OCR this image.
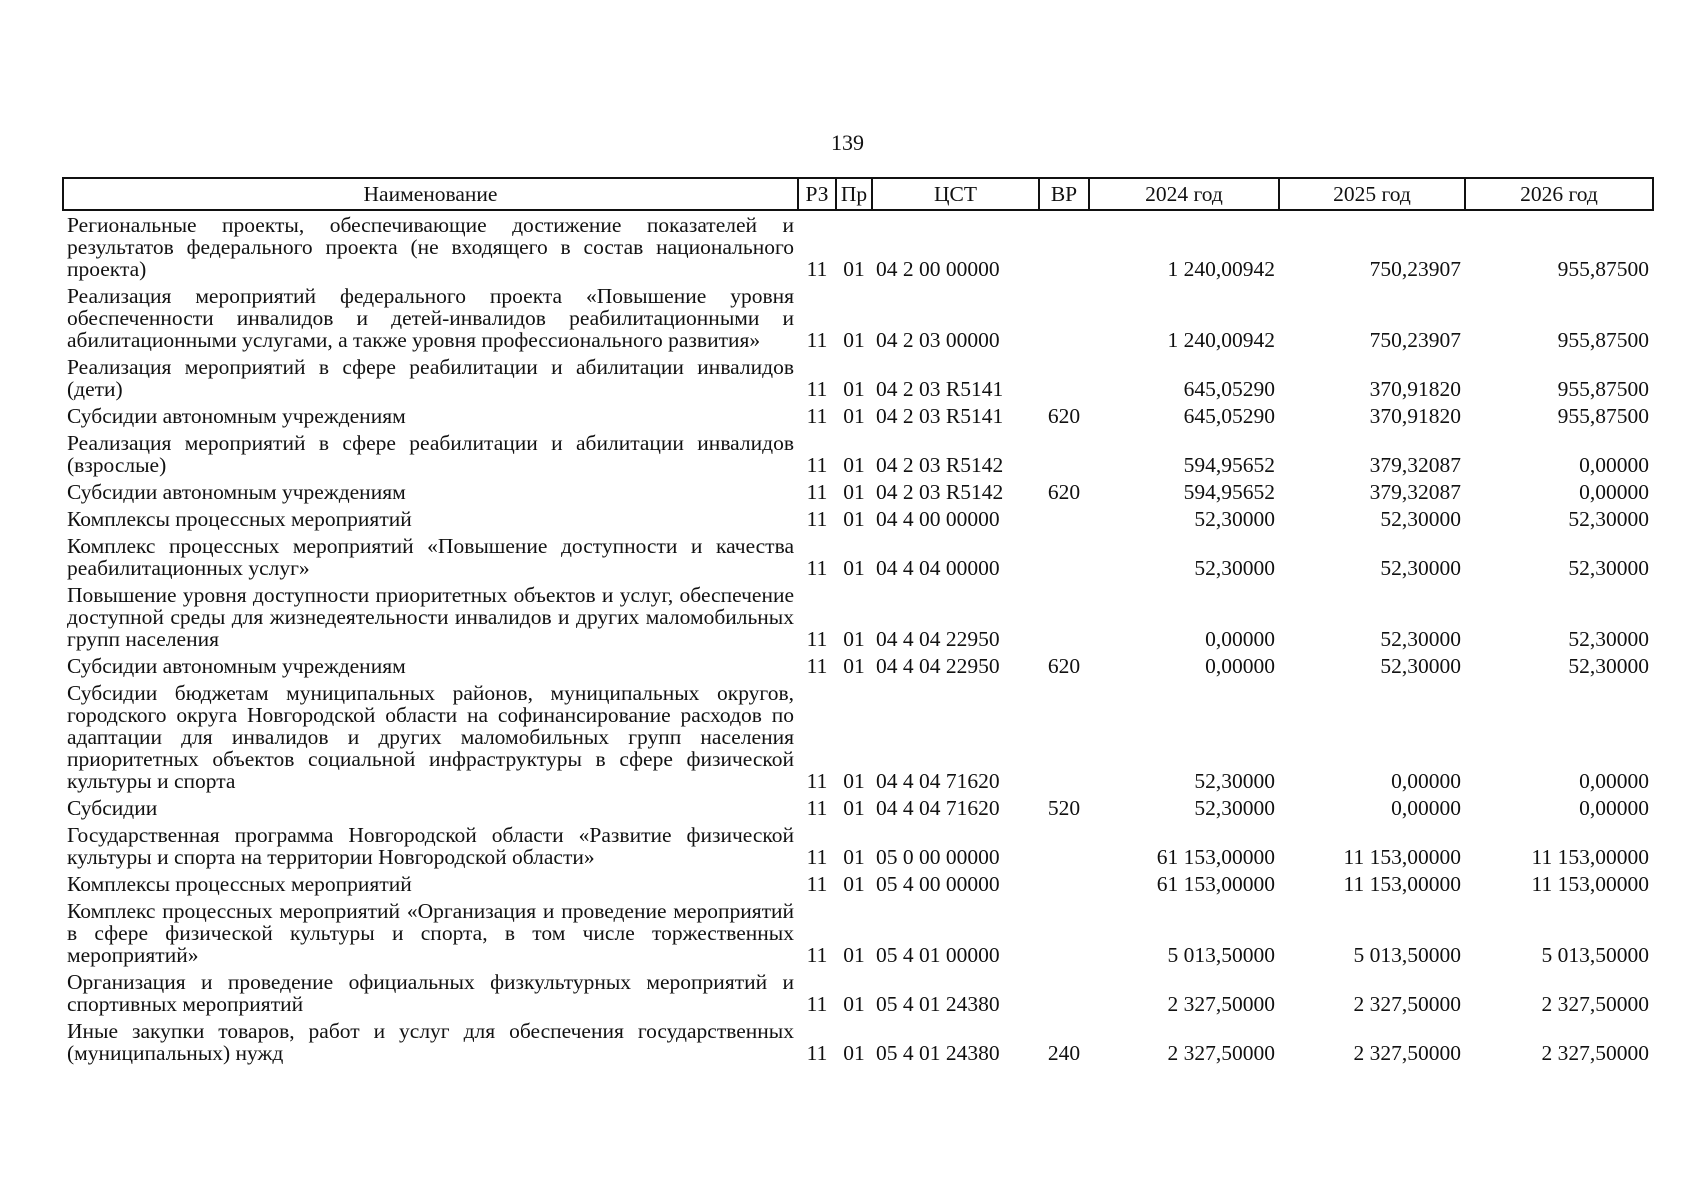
139
Наименование	РЗ	Пр	ЦСТ	ВР	2024 год	2025 год	2026 год
Региональные проекты, обеспечивающие достижение показателей и результатов федерального проекта (не входящего в состав национального проекта)	11	01	04 2 00 00000		1 240,00942	750,23907	955,87500
Реализация мероприятий федерального проекта «Повышение уровня обеспеченности инвалидов и детей-инвалидов реабилитационными и абилитационными услугами, а также уровня профессионального развития»	11	01	04 2 03 00000		1 240,00942	750,23907	955,87500
Реализация мероприятий в сфере реабилитации и абилитации инвалидов (дети)	11	01	04 2 03 R5141		645,05290	370,91820	955,87500
Субсидии автономным учреждениям	11	01	04 2 03 R5141	620	645,05290	370,91820	955,87500
Реализация мероприятий в сфере реабилитации и абилитации инвалидов (взрослые)	11	01	04 2 03 R5142		594,95652	379,32087	0,00000
Субсидии автономным учреждениям	11	01	04 2 03 R5142	620	594,95652	379,32087	0,00000
Комплексы процессных мероприятий	11	01	04 4 00 00000		52,30000	52,30000	52,30000
Комплекс процессных мероприятий «Повышение доступности и качества реабилитационных услуг»	11	01	04 4 04 00000		52,30000	52,30000	52,30000
Повышение уровня доступности приоритетных объектов и услуг, обеспечение доступной среды для жизнедеятельности инвалидов и других маломобильных групп населения	11	01	04 4 04 22950		0,00000	52,30000	52,30000
Субсидии автономным учреждениям	11	01	04 4 04 22950	620	0,00000	52,30000	52,30000
Субсидии бюджетам муниципальных районов, муниципальных округов, городского округа Новгородской области на софинансирование расходов по адаптации для инвалидов и других маломобильных групп населения приоритетных объектов социальной инфраструктуры в сфере физической культуры и спорта	11	01	04 4 04 71620		52,30000	0,00000	0,00000
Субсидии	11	01	04 4 04 71620	520	52,30000	0,00000	0,00000
Государственная программа Новгородской области «Развитие физической культуры и спорта на территории Новгородской области»	11	01	05 0 00 00000		61 153,00000	11 153,00000	11 153,00000
Комплексы процессных мероприятий	11	01	05 4 00 00000		61 153,00000	11 153,00000	11 153,00000
Комплекс процессных мероприятий «Организация и проведение мероприятий в сфере физической культуры и спорта, в том числе торжественных мероприятий»	11	01	05 4 01 00000		5 013,50000	5 013,50000	5 013,50000
Организация и проведение официальных физкультурных мероприятий и спортивных мероприятий	11	01	05 4 01 24380		2 327,50000	2 327,50000	2 327,50000
Иные закупки товаров, работ и услуг для обеспечения государственных (муниципальных) нужд	11	01	05 4 01 24380	240	2 327,50000	2 327,50000	2 327,50000
